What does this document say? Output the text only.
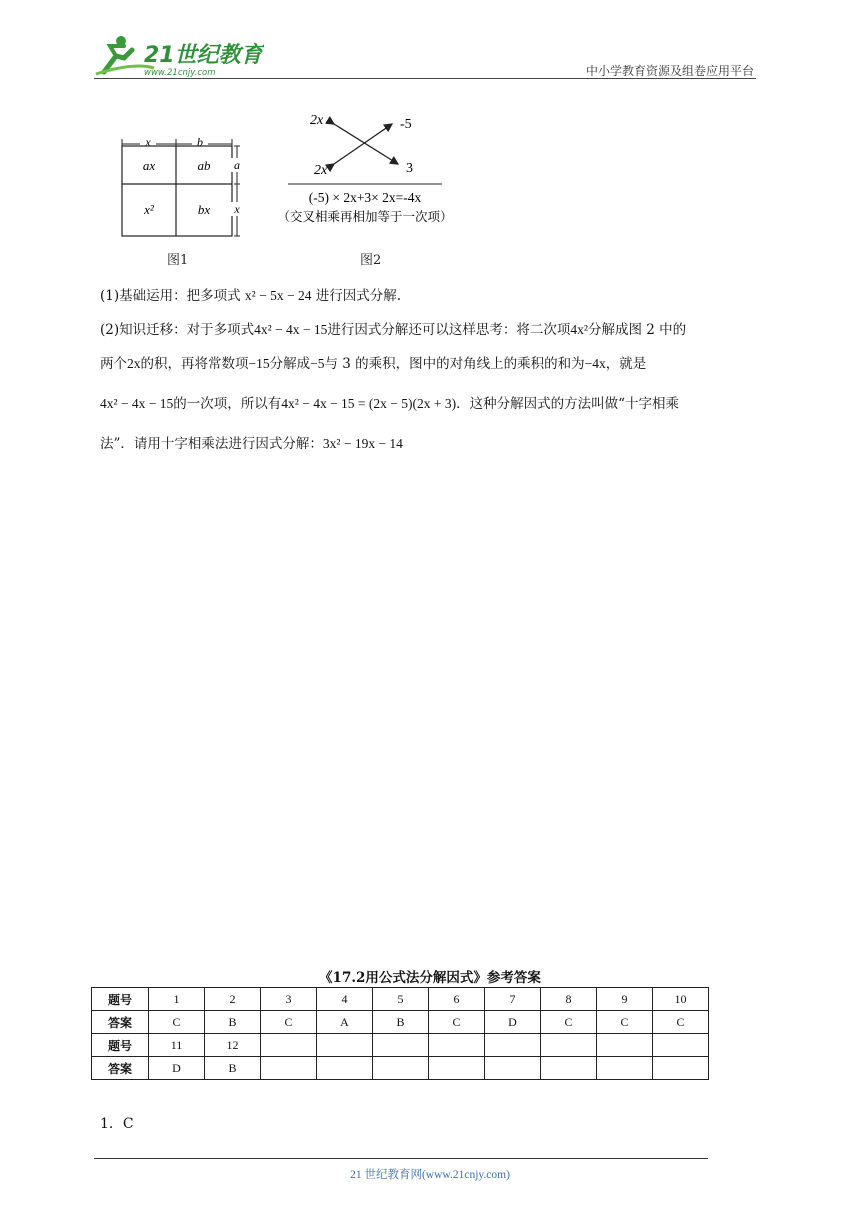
21世纪教育
www.21cnjy.com	中小学教育资源及组卷应用平台
x	b
ax	ab
x²	bx
a
x
图1
2x	-5
2x	3
(-5) × 2x+3× 2x=-4x
（交叉相乘再相加等于一次项）
图2
(1)基础运用：把多项式 x² − 5x − 24 进行因式分解.
(2)知识迁移：对于多项式4x² − 4x − 15进行因式分解还可以这样思考：将二次项4x²分解成图 2 中的
两个2x的积，再将常数项−15分解成−5与 3 的乘积，图中的对角线上的乘积的和为−4x，就是
4x² − 4x − 15的一次项，所以有4x² − 4x − 15 = (2x − 5)(2x + 3)．这种分解因式的方法叫做“十字相乘
法”．请用十字相乘法进行因式分解：3x² − 19x − 14
《17.2用公式法分解因式》参考答案
题号	1	2	3	4	5	6	7	8	9	10
答案	C	B	C	A	B	C	D	C	C	C
题号	11	12								
答案	D	B								
1．C
21 世纪教育网(www.21cnjy.com)
